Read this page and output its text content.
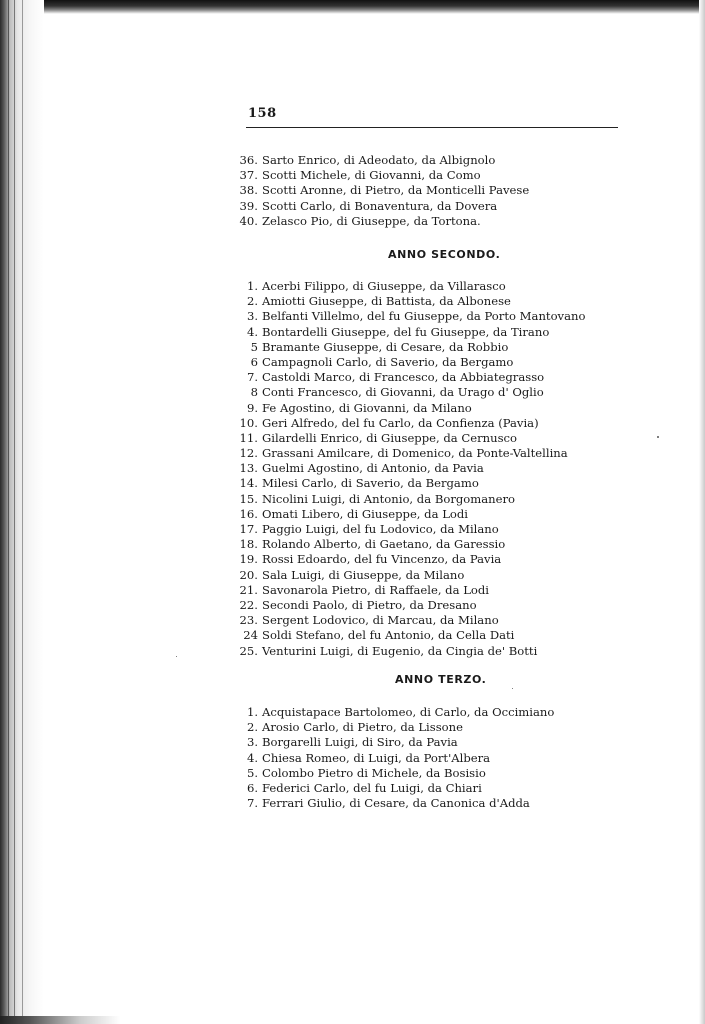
158
36. Sarto Enrico, di Adeodato, da Albignolo
37. Scotti Michele, di Giovanni, da Como
38. Scotti Aronne, di Pietro, da Monticelli Pavese
39. Scotti Carlo, di Bonaventura, da Dovera
40. Zelasco Pio, di Giuseppe, da Tortona.
ANNO SECONDO.
1. Acerbi Filippo, di Giuseppe, da Villarasco
2. Amiotti Giuseppe, di Battista, da Albonese
3. Belfanti Villelmo, del fu Giuseppe, da Porto Mantovano
4. Bontardelli Giuseppe, del fu Giuseppe, da Tirano
5 Bramante Giuseppe, di Cesare, da Robbio
6 Campagnoli Carlo, di Saverio, da Bergamo
7. Castoldi Marco, di Francesco, da Abbiategrasso
8 Conti Francesco, di Giovanni, da Urago d' Oglio
9. Fe Agostino, di Giovanni, da Milano
10. Geri Alfredo, del fu Carlo, da Confienza (Pavia)
11. Gilardelli Enrico, di Giuseppe, da Cernusco
12. Grassani Amilcare, di Domenico, da Ponte-Valtellina
13. Guelmi Agostino, di Antonio, da Pavia
14. Milesi Carlo, di Saverio, da Bergamo
15. Nicolini Luigi, di Antonio, da Borgomanero
16. Omati Libero, di Giuseppe, da Lodi
17. Paggio Luigi, del fu Lodovico, da Milano
18. Rolando Alberto, di Gaetano, da Garessio
19. Rossi Edoardo, del fu Vincenzo, da Pavia
20. Sala Luigi, di Giuseppe, da Milano
21. Savonarola Pietro, di Raffaele, da Lodi
22. Secondi Paolo, di Pietro, da Dresano
23. Sergent Lodovico, di Marcau, da Milano
24 Soldi Stefano, del fu Antonio, da Cella Dati
25. Venturini Luigi, di Eugenio, da Cingia de' Botti
ANNO TERZO.
1. Acquistapace Bartolomeo, di Carlo, da Occimiano
2. Arosio Carlo, di Pietro, da Lissone
3. Borgarelli Luigi, di Siro, da Pavia
4. Chiesa Romeo, di Luigi, da Port'Albera
5. Colombo Pietro di Michele, da Bosisio
6. Federici Carlo, del fu Luigi, da Chiari
7. Ferrari Giulio, di Cesare, da Canonica d'Adda
